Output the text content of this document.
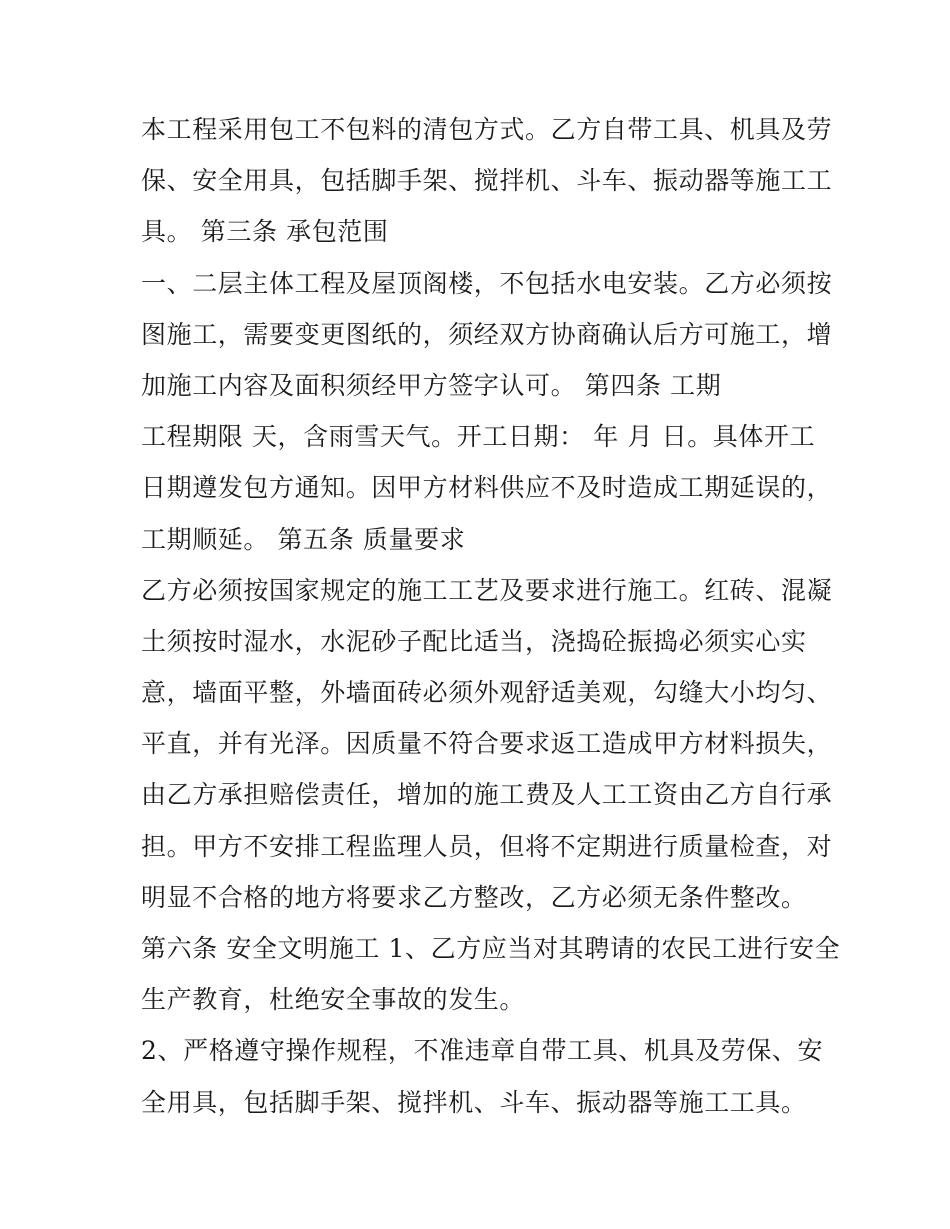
本工程采用包工不包料的清包方式。乙方自带工具、机具及劳
保、安全用具，包括脚手架、搅拌机、斗车、振动器等施工工
具。 第三条 承包范围
一、二层主体工程及屋顶阁楼，不包括水电安装。乙方必须按
图施工，需要变更图纸的，须经双方协商确认后方可施工，增
加施工内容及面积须经甲方签字认可。 第四条 工期
工程期限 天，含雨雪天气。开工日期： 年 月 日。具体开工
日期遵发包方通知。因甲方材料供应不及时造成工期延误的，
工期顺延。 第五条 质量要求
乙方必须按国家规定的施工工艺及要求进行施工。红砖、混凝
土须按时湿水，水泥砂子配比适当，浇捣砼振捣必须实心实
意，墙面平整，外墙面砖必须外观舒适美观，勾缝大小均匀、
平直，并有光泽。因质量不符合要求返工造成甲方材料损失，
由乙方承担赔偿责任，增加的施工费及人工工资由乙方自行承
担。甲方不安排工程监理人员，但将不定期进行质量检查，对
明显不合格的地方将要求乙方整改，乙方必须无条件整改。
第六条 安全文明施工 1、乙方应当对其聘请的农民工进行安全
生产教育，杜绝安全事故的发生。
2、严格遵守操作规程，不准违章自带工具、机具及劳保、安
全用具，包括脚手架、搅拌机、斗车、振动器等施工工具。
